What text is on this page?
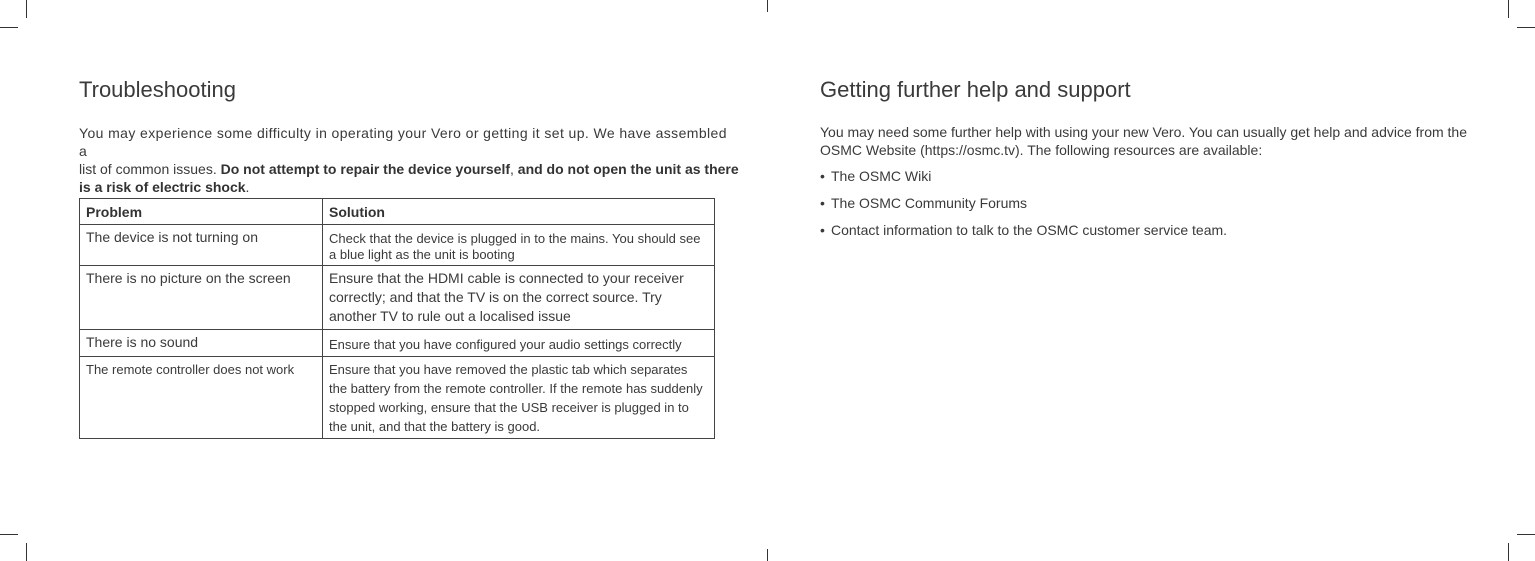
Troubleshooting
You may experience some difficulty in operating your Vero or getting it set up. We have assembled a
list of common issues. Do not attempt to repair the device yourself, and do not open the unit as there is a risk of electric shock.
Problem	Solution
The device is not turning on	Check that the device is plugged in to the mains. You should see a blue light as the unit is booting
There is no picture on the screen	Ensure that the HDMI cable is connected to your receiver correctly; and that the TV is on the correct source. Try another TV to rule out a localised issue
There is no sound	Ensure that you have configured your audio settings correctly
The remote controller does not work	Ensure that you have removed the plastic tab which separates the battery from the remote controller. If the remote has suddenly stopped working, ensure that the USB receiver is plugged in to the unit, and that the battery is good.
Getting further help and support
You may need some further help with using your new Vero. You can usually get help and advice from the OSMC Website (https://osmc.tv). The following resources are available:
• The OSMC Wiki
• The OSMC Community Forums
• Contact information to talk to the OSMC customer service team.
